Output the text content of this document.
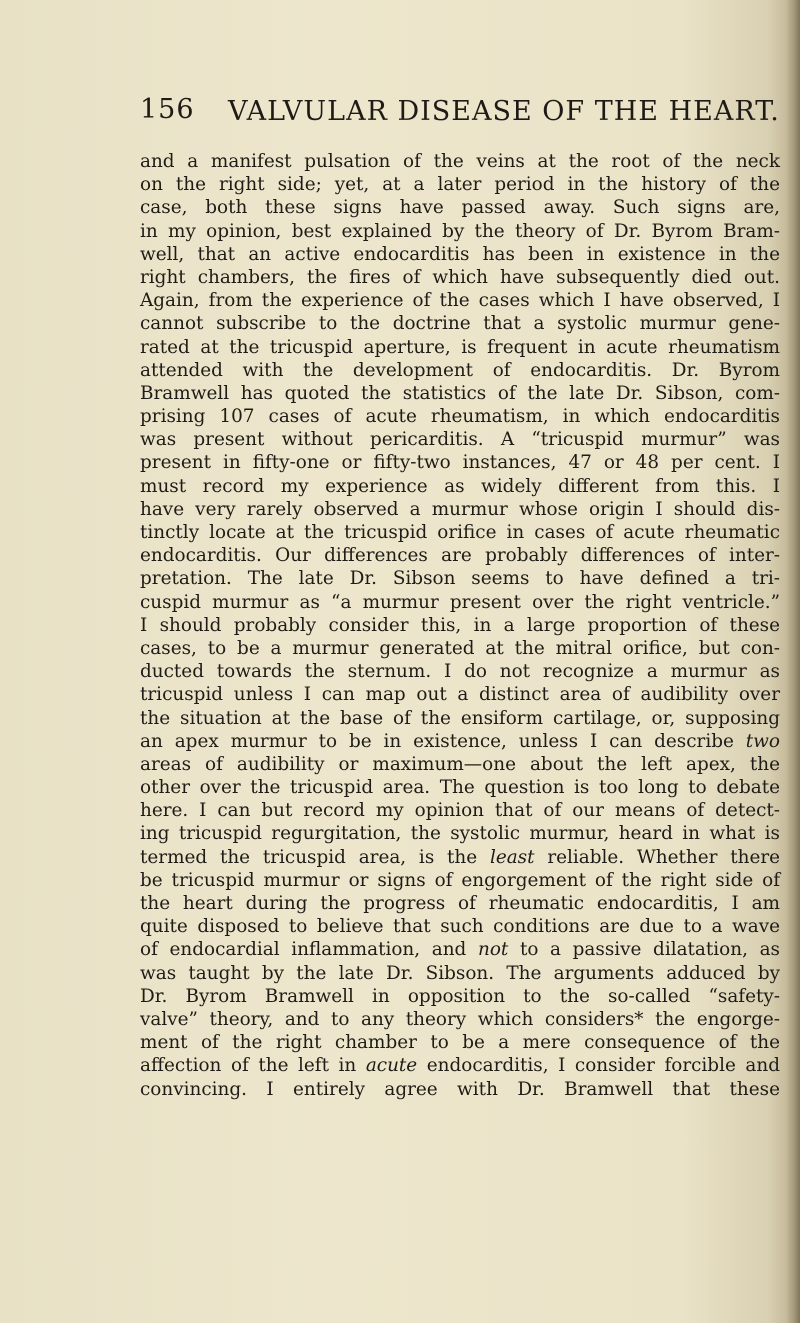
156 VALVULAR DISEASE OF THE HEART.
and a manifest pulsation of the veins at the root of the neck
on the right side; yet, at a later period in the history of the
case, both these signs have passed away. Such signs are,
in my opinion, best explained by the theory of Dr. Byrom Bram-
well, that an active endocarditis has been in existence in the
right chambers, the fires of which have subsequently died out.
Again, from the experience of the cases which I have observed, I
cannot subscribe to the doctrine that a systolic murmur gene-
rated at the tricuspid aperture, is frequent in acute rheumatism
attended with the development of endocarditis. Dr. Byrom
Bramwell has quoted the statistics of the late Dr. Sibson, com-
prising 107 cases of acute rheumatism, in which endocarditis
was present without pericarditis. A “tricuspid murmur” was
present in fifty-one or fifty-two instances, 47 or 48 per cent. I
must record my experience as widely different from this. I
have very rarely observed a murmur whose origin I should dis-
tinctly locate at the tricuspid orifice in cases of acute rheumatic
endocarditis. Our differences are probably differences of inter-
pretation. The late Dr. Sibson seems to have defined a tri-
cuspid murmur as “a murmur present over the right ventricle.”
I should probably consider this, in a large proportion of these
cases, to be a murmur generated at the mitral orifice, but con-
ducted towards the sternum. I do not recognize a murmur as
tricuspid unless I can map out a distinct area of audibility over
the situation at the base of the ensiform cartilage, or, supposing
an apex murmur to be in existence, unless I can describe two
areas of audibility or maximum—one about the left apex, the
other over the tricuspid area. The question is too long to debate
here. I can but record my opinion that of our means of detect-
ing tricuspid regurgitation, the systolic murmur, heard in what is
termed the tricuspid area, is the least reliable. Whether there
be tricuspid murmur or signs of engorgement of the right side of
the heart during the progress of rheumatic endocarditis, I am
quite disposed to believe that such conditions are due to a wave
of endocardial inflammation, and not to a passive dilatation, as
was taught by the late Dr. Sibson. The arguments adduced by
Dr. Byrom Bramwell in opposition to the so-called “safety-
valve” theory, and to any theory which considers* the engorge-
ment of the right chamber to be a mere consequence of the
affection of the left in acute endocarditis, I consider forcible and
convincing. I entirely agree with Dr. Bramwell that these
